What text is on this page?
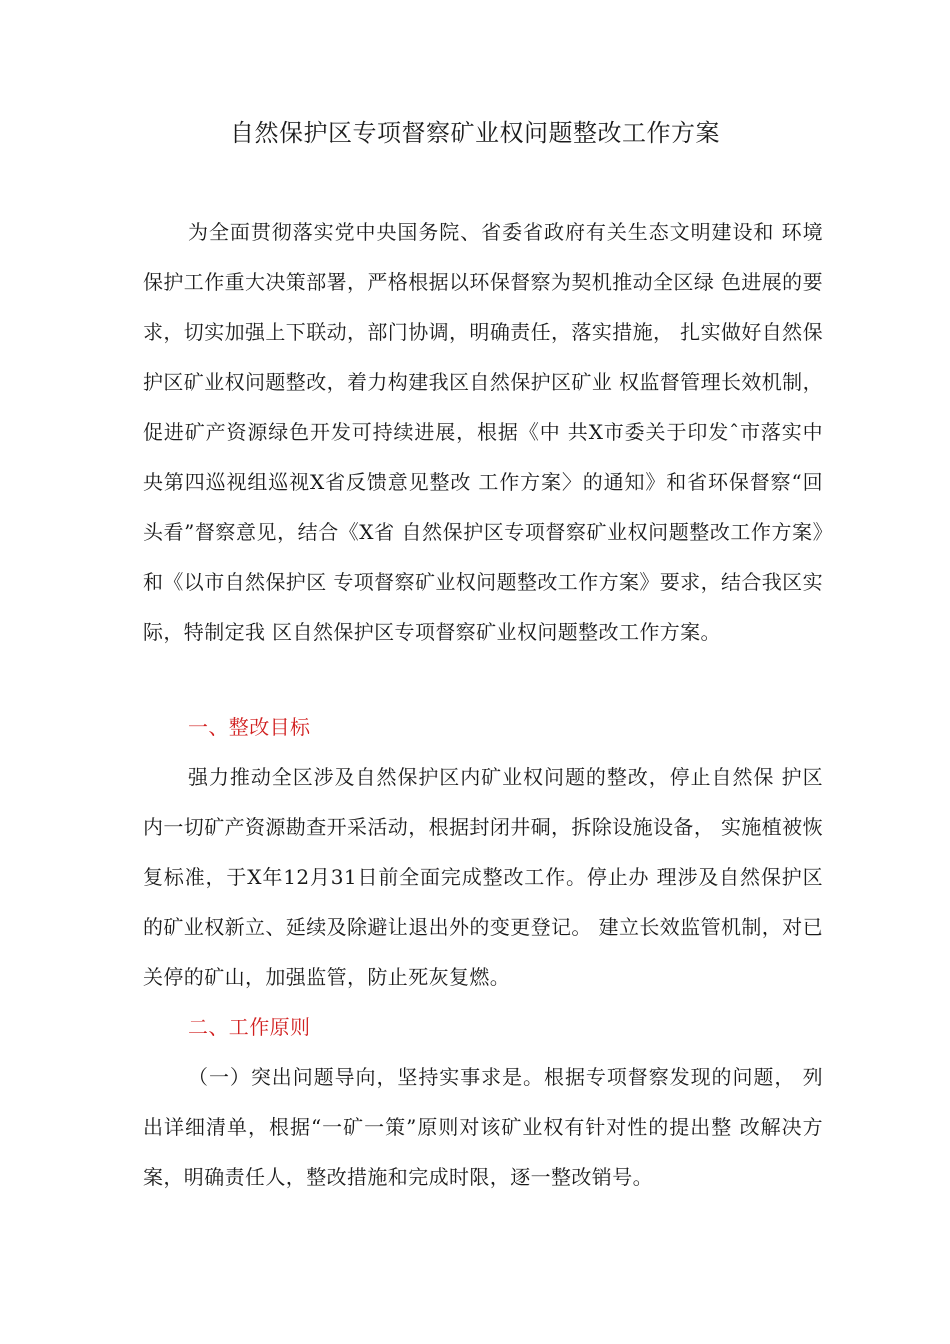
自然保护区专项督察矿业权问题整改工作方案

为全面贯彻落实党中央国务院、省委省政府有关生态文明建设和 环境保护工作重大决策部署，严格根据以环保督察为契机推动全区绿 色进展的要求，切实加强上下联动，部门协调，明确责任，落实措施， 扎实做好自然保护区矿业权问题整改，着力构建我区自然保护区矿业 权监督管理长效机制，促进矿产资源绿色开发可持续进展，根据《中 共X市委关于印发ˆ市落实中央第四巡视组巡视X省反馈意见整改 工作方案〉的通知》和省环保督察“回头看”督察意见，结合《X省 自然保护区专项督察矿业权问题整改工作方案》和《以市自然保护区 专项督察矿业权问题整改工作方案》要求，结合我区实际，特制定我 区自然保护区专项督察矿业权问题整改工作方案。

一、整改目标

强力推动全区涉及自然保护区内矿业权问题的整改，停止自然保 护区内一切矿产资源勘查开采活动，根据封闭井硐，拆除设施设备， 实施植被恢复标准，于X年12月31日前全面完成整改工作。停止办 理涉及自然保护区的矿业权新立、延续及除避让退出外的变更登记。 建立长效监管机制，对已关停的矿山，加强监管，防止死灰复燃。

二、工作原则

（一）突出问题导向，坚持实事求是。根据专项督察发现的问题， 列出详细清单，根据“一矿一策”原则对该矿业权有针对性的提出整 改解决方案，明确责任人，整改措施和完成时限，逐一整改销号。
